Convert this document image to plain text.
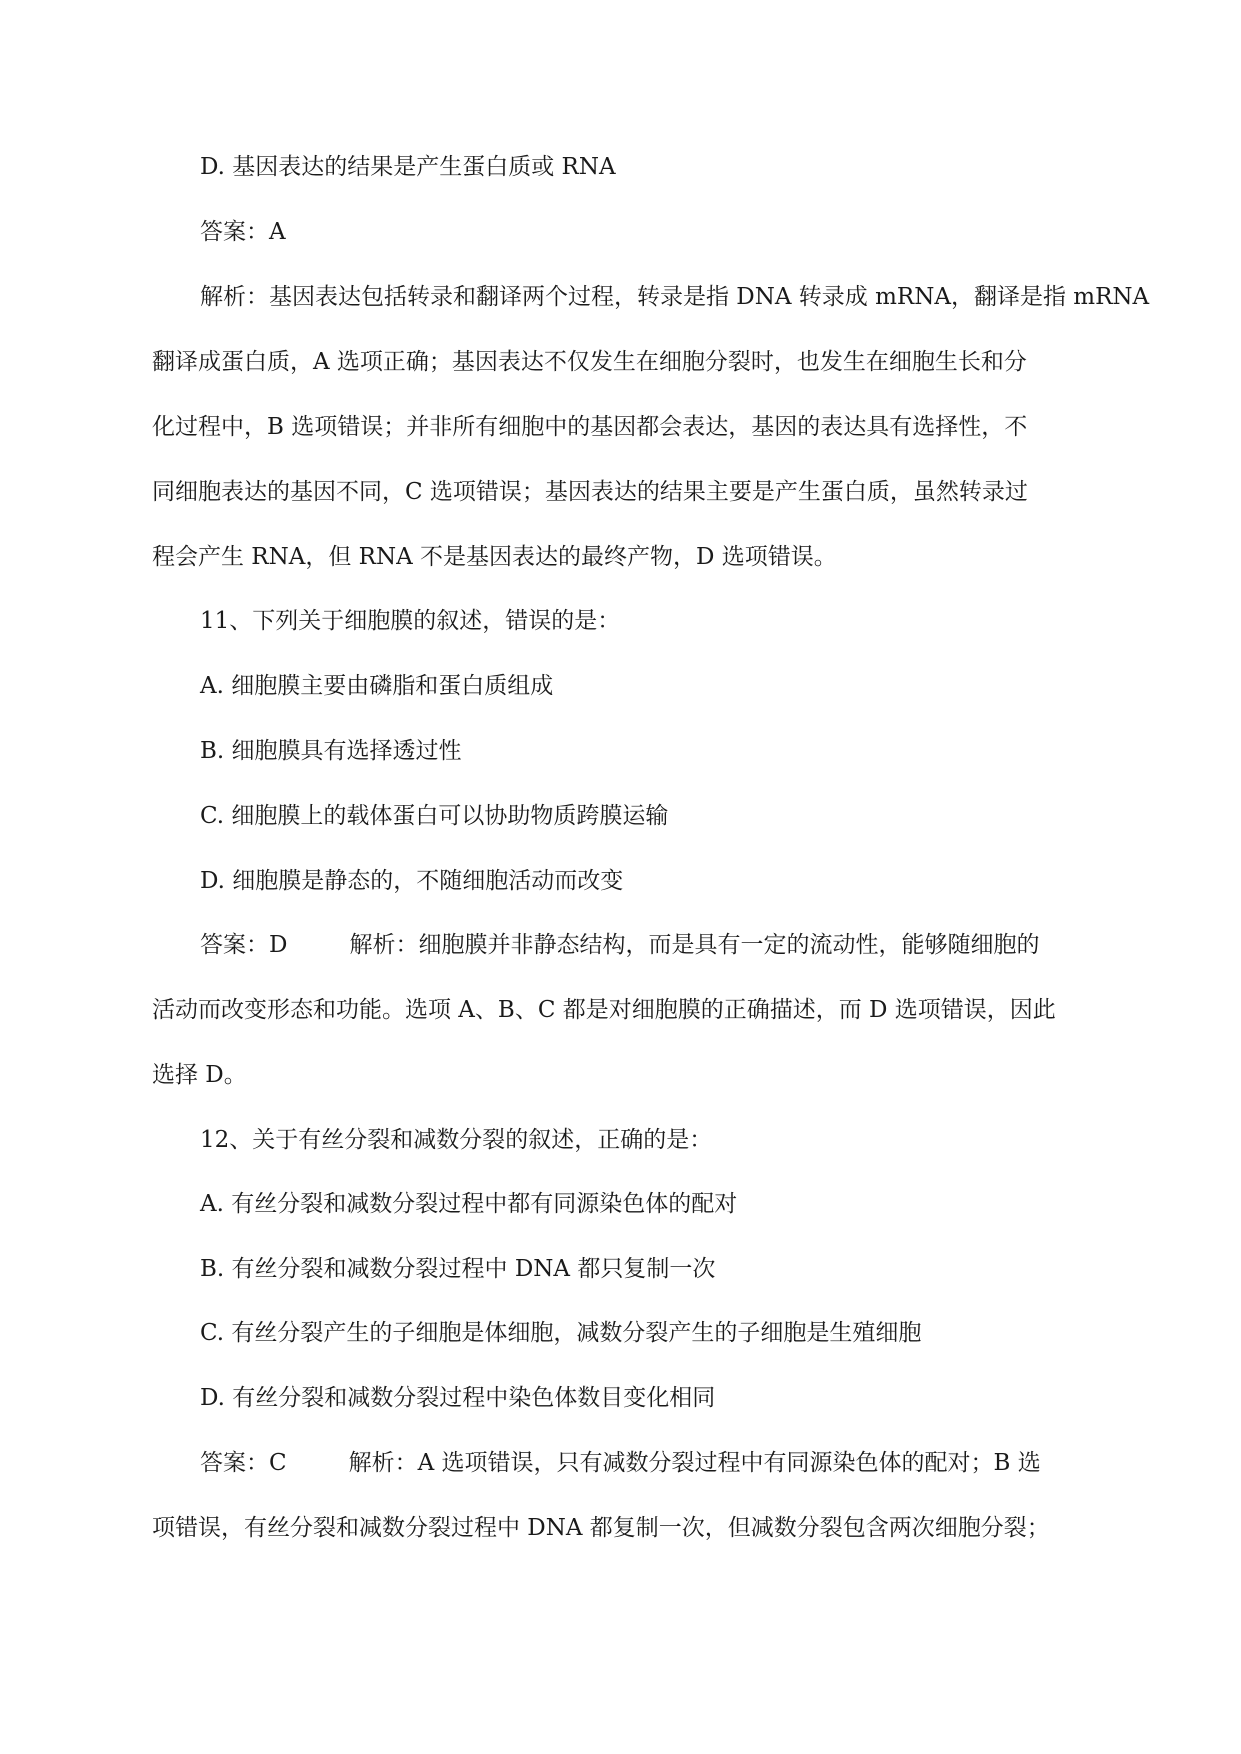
D. 基因表达的结果是产生蛋白质或 RNA
答案：A
解析：基因表达包括转录和翻译两个过程，转录是指 DNA 转录成 mRNA，翻译是指 mRNA
翻译成蛋白质，A 选项正确；基因表达不仅发生在细胞分裂时，也发生在细胞生长和分
化过程中，B 选项错误；并非所有细胞中的基因都会表达，基因的表达具有选择性，不
同细胞表达的基因不同，C 选项错误；基因表达的结果主要是产生蛋白质，虽然转录过
程会产生 RNA，但 RNA 不是基因表达的最终产物，D 选项错误。
11、下列关于细胞膜的叙述，错误的是：
A. 细胞膜主要由磷脂和蛋白质组成
B. 细胞膜具有选择透过性
C. 细胞膜上的载体蛋白可以协助物质跨膜运输
D. 细胞膜是静态的，不随细胞活动而改变
答案：D	解析：细胞膜并非静态结构，而是具有一定的流动性，能够随细胞的
活动而改变形态和功能。选项 A、B、C 都是对细胞膜的正确描述，而 D 选项错误，因此
选择 D。
12、关于有丝分裂和减数分裂的叙述，正确的是：
A. 有丝分裂和减数分裂过程中都有同源染色体的配对
B. 有丝分裂和减数分裂过程中 DNA 都只复制一次
C. 有丝分裂产生的子细胞是体细胞，减数分裂产生的子细胞是生殖细胞
D. 有丝分裂和减数分裂过程中染色体数目变化相同
答案：C	解析：A 选项错误，只有减数分裂过程中有同源染色体的配对；B 选
项错误，有丝分裂和减数分裂过程中 DNA 都复制一次，但减数分裂包含两次细胞分裂；
